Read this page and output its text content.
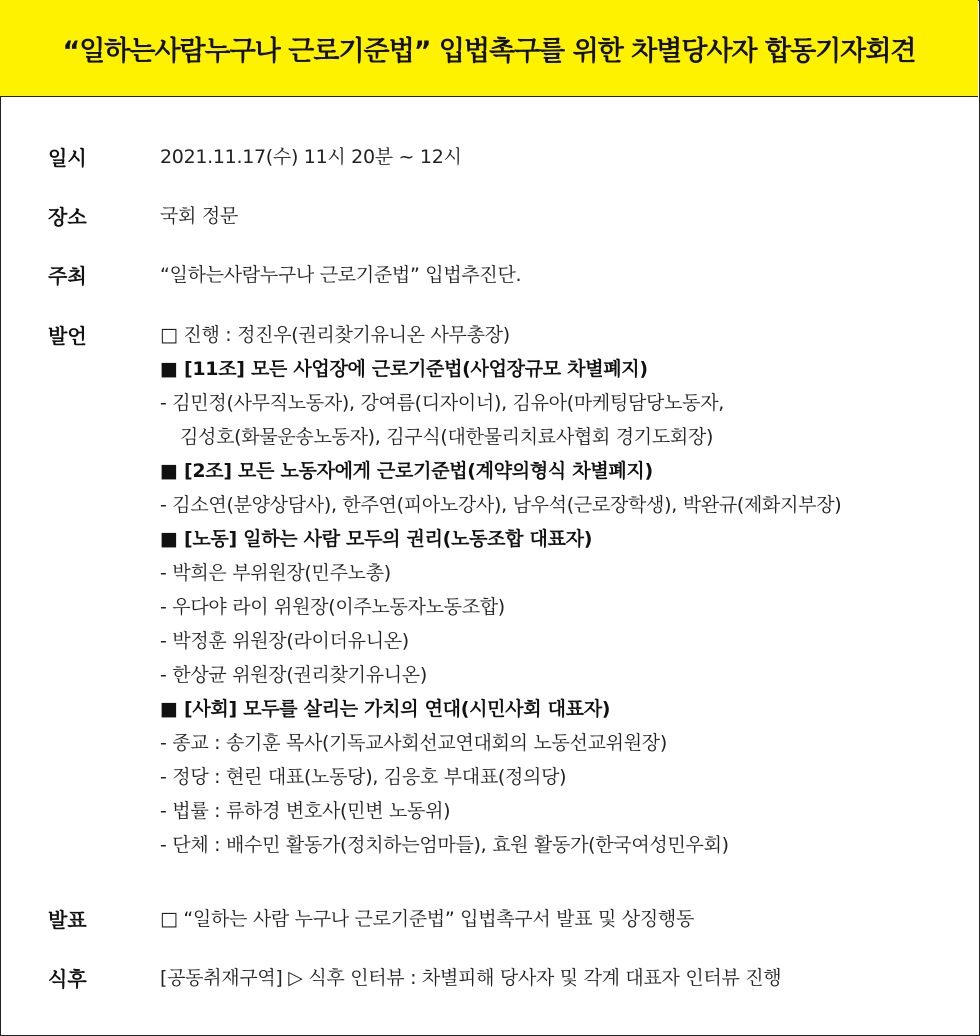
“일하는사람누구나 근로기준법” 입법촉구를 위한 차별당사자 합동기자회견
일시	2021.11.17(수) 11시 20분 ~ 12시
장소	국회 정문
주최	“일하는사람누구나 근로기준법” 입법추진단.
발언	□ 진행 : 정진우(권리찾기유니온 사무총장)
■ [11조] 모든 사업장에 근로기준법(사업장규모 차별폐지)
- 김민정(사무직노동자), 강여름(디자이너), 김유아(마케팅담당노동자,
김성호(화물운송노동자), 김구식(대한물리치료사협회 경기도회장)
■ [2조] 모든 노동자에게 근로기준법(계약의형식 차별폐지)
- 김소연(분양상담사), 한주연(피아노강사), 남우석(근로장학생), 박완규(제화지부장)
■ [노동] 일하는 사람 모두의 권리(노동조합 대표자)
- 박희은 부위원장(민주노총)
- 우다야 라이 위원장(이주노동자노동조합)
- 박정훈 위원장(라이더유니온)
- 한상균 위원장(권리찾기유니온)
■ [사회] 모두를 살리는 가치의 연대(시민사회 대표자)
- 종교 : 송기훈 목사(기독교사회선교연대회의 노동선교위원장)
- 정당 : 현린 대표(노동당), 김응호 부대표(정의당)
- 법률 : 류하경 변호사(민변 노동위)
- 단체 : 배수민 활동가(정치하는엄마들), 효원 활동가(한국여성민우회)
발표	□ “일하는 사람 누구나 근로기준법” 입법촉구서 발표 및 상징행동
식후	[공동취재구역] ▷ 식후 인터뷰 : 차별피해 당사자 및 각계 대표자 인터뷰 진행
